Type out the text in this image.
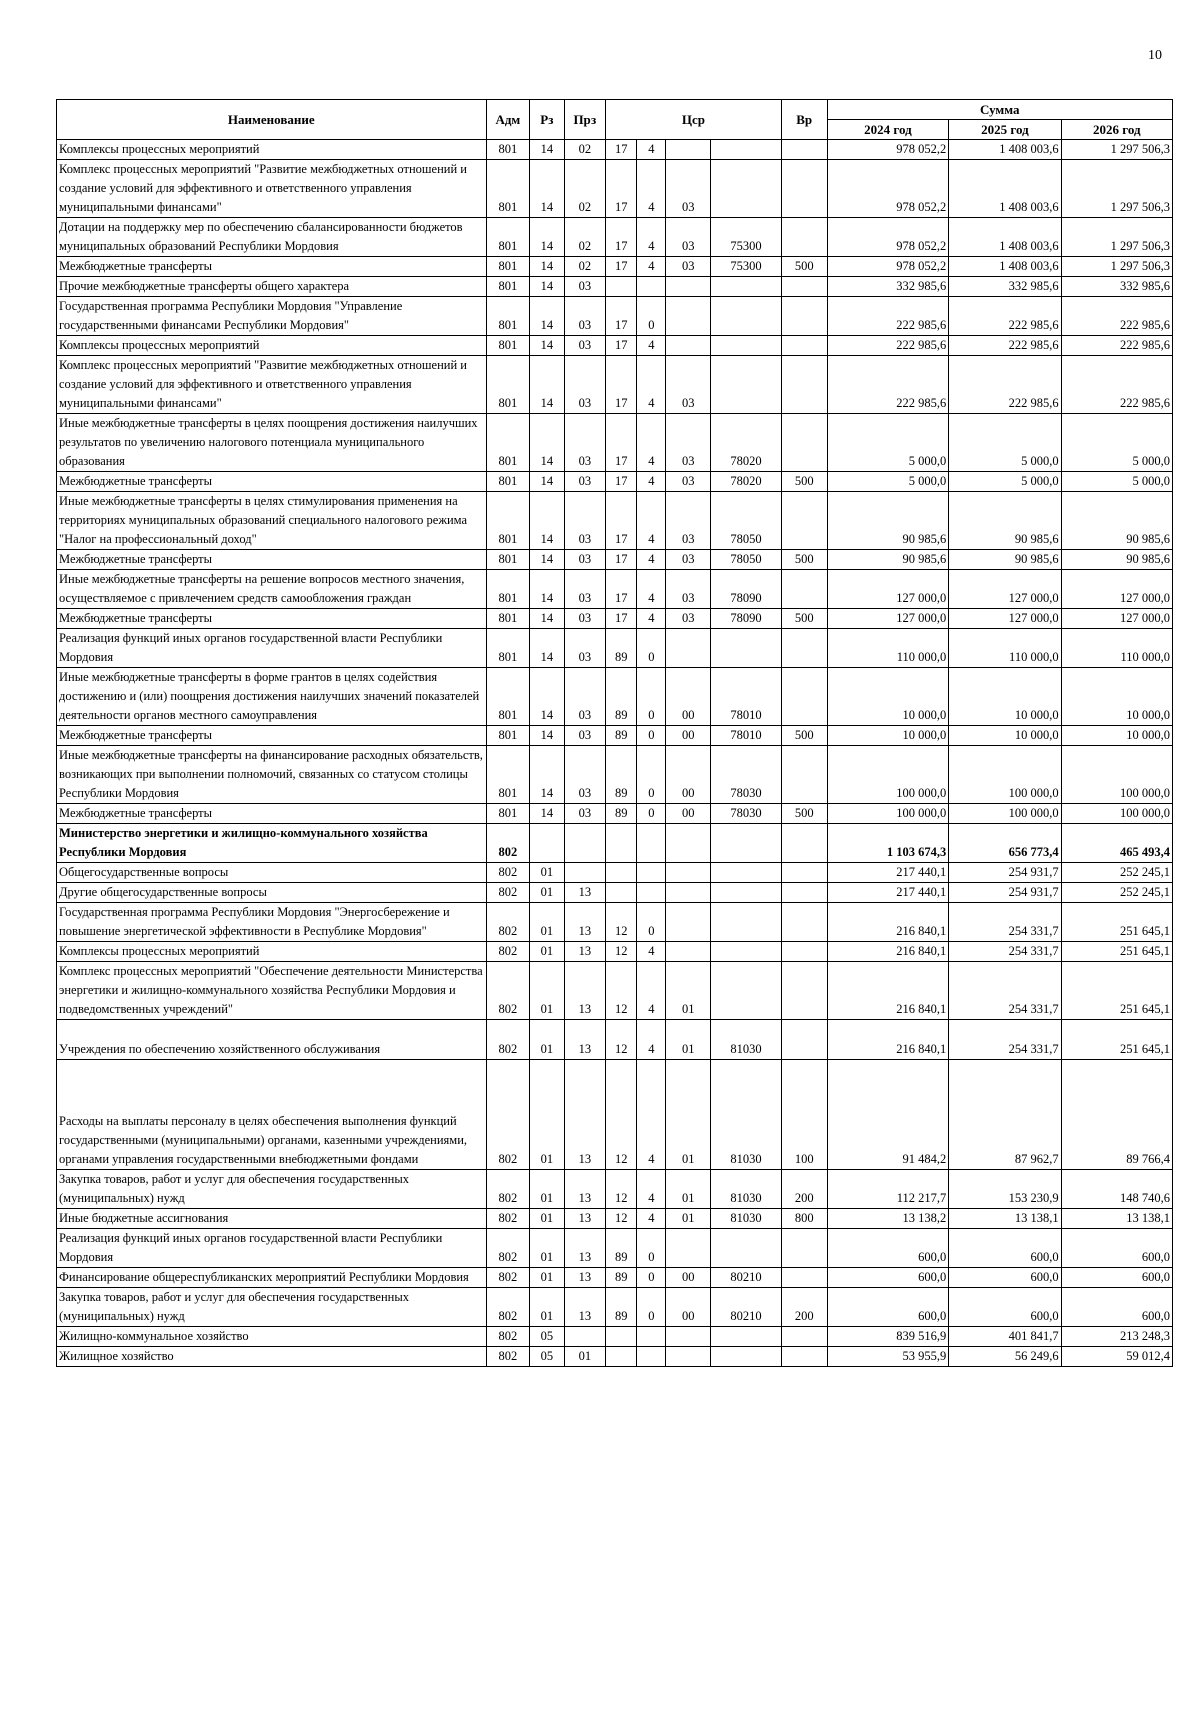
10
Наименование	Адм	Рз	Прз	Цср				Вр	Сумма		
									2024 год	2025 год	2026 год
Комплексы процессных мероприятий	801	14	02	17	4				978 052,2	1 408 003,6	1 297 506,3
Комплекс процессных мероприятий "Развитие межбюджетных отношений и создание условий для эффективного и ответственного управления муниципальными финансами"	801	14	02	17	4	03			978 052,2	1 408 003,6	1 297 506,3
Дотации на поддержку мер по обеспечению сбалансированности бюджетов муниципальных образований Республики Мордовия	801	14	02	17	4	03	75300		978 052,2	1 408 003,6	1 297 506,3
Межбюджетные трансферты	801	14	02	17	4	03	75300	500	978 052,2	1 408 003,6	1 297 506,3
Прочие межбюджетные трансферты общего характера	801	14	03						332 985,6	332 985,6	332 985,6
Государственная программа Республики Мордовия "Управление государственными финансами Республики Мордовия"	801	14	03	17	0				222 985,6	222 985,6	222 985,6
Комплексы процессных мероприятий	801	14	03	17	4				222 985,6	222 985,6	222 985,6
Комплекс процессных мероприятий "Развитие межбюджетных отношений и создание условий для эффективного и ответственного управления муниципальными финансами"	801	14	03	17	4	03			222 985,6	222 985,6	222 985,6
Иные межбюджетные трансферты в целях поощрения достижения наилучших результатов по увеличению налогового потенциала муниципального образования	801	14	03	17	4	03	78020		5 000,0	5 000,0	5 000,0
Межбюджетные трансферты	801	14	03	17	4	03	78020	500	5 000,0	5 000,0	5 000,0
Иные межбюджетные трансферты в целях стимулирования применения на территориях муниципальных образований специального налогового режима "Налог на профессиональный доход"	801	14	03	17	4	03	78050		90 985,6	90 985,6	90 985,6
Межбюджетные трансферты	801	14	03	17	4	03	78050	500	90 985,6	90 985,6	90 985,6
Иные межбюджетные трансферты на решение вопросов местного значения, осуществляемое с привлечением средств самообложения граждан	801	14	03	17	4	03	78090		127 000,0	127 000,0	127 000,0
Межбюджетные трансферты	801	14	03	17	4	03	78090	500	127 000,0	127 000,0	127 000,0
Реализация функций иных органов государственной власти Республики Мордовия	801	14	03	89	0				110 000,0	110 000,0	110 000,0
Иные межбюджетные трансферты в форме грантов в целях содействия достижению и (или) поощрения достижения наилучших значений показателей деятельности органов местного самоуправления	801	14	03	89	0	00	78010		10 000,0	10 000,0	10 000,0
Межбюджетные трансферты	801	14	03	89	0	00	78010	500	10 000,0	10 000,0	10 000,0
Иные межбюджетные трансферты на финансирование расходных обязательств, возникающих при выполнении полномочий, связанных со статусом столицы Республики Мордовия	801	14	03	89	0	00	78030		100 000,0	100 000,0	100 000,0
Межбюджетные трансферты	801	14	03	89	0	00	78030	500	100 000,0	100 000,0	100 000,0
Министерство энергетики и жилищно-коммунального хозяйства Республики Мордовия	802								1 103 674,3	656 773,4	465 493,4
Общегосударственные вопросы	802	01							217 440,1	254 931,7	252 245,1
Другие общегосударственные вопросы	802	01	13						217 440,1	254 931,7	252 245,1
Государственная программа Республики Мордовия "Энергосбережение и повышение энергетической эффективности в Республике Мордовия"	802	01	13	12	0				216 840,1	254 331,7	251 645,1
Комплексы процессных мероприятий	802	01	13	12	4				216 840,1	254 331,7	251 645,1
Комплекс процессных мероприятий "Обеспечение деятельности Министерства энергетики и жилищно-коммунального хозяйства Республики Мордовия и подведомственных учреждений"	802	01	13	12	4	01			216 840,1	254 331,7	251 645,1
Учреждения по обеспечению хозяйственного обслуживания	802	01	13	12	4	01	81030		216 840,1	254 331,7	251 645,1
Расходы на выплаты персоналу в целях обеспечения выполнения функций государственными (муниципальными) органами, казенными учреждениями, органами управления государственными внебюджетными фондами	802	01	13	12	4	01	81030	100	91 484,2	87 962,7	89 766,4
Закупка товаров, работ и услуг для обеспечения государственных (муниципальных) нужд	802	01	13	12	4	01	81030	200	112 217,7	153 230,9	148 740,6
Иные бюджетные ассигнования	802	01	13	12	4	01	81030	800	13 138,2	13 138,1	13 138,1
Реализация функций иных органов государственной власти Республики Мордовия	802	01	13	89	0				600,0	600,0	600,0
Финансирование общереспубликанских мероприятий Республики Мордовия	802	01	13	89	0	00	80210		600,0	600,0	600,0
Закупка товаров, работ и услуг для обеспечения государственных (муниципальных) нужд	802	01	13	89	0	00	80210	200	600,0	600,0	600,0
Жилищно-коммунальное хозяйство	802	05							839 516,9	401 841,7	213 248,3
Жилищное хозяйство	802	05	01						53 955,9	56 249,6	59 012,4
